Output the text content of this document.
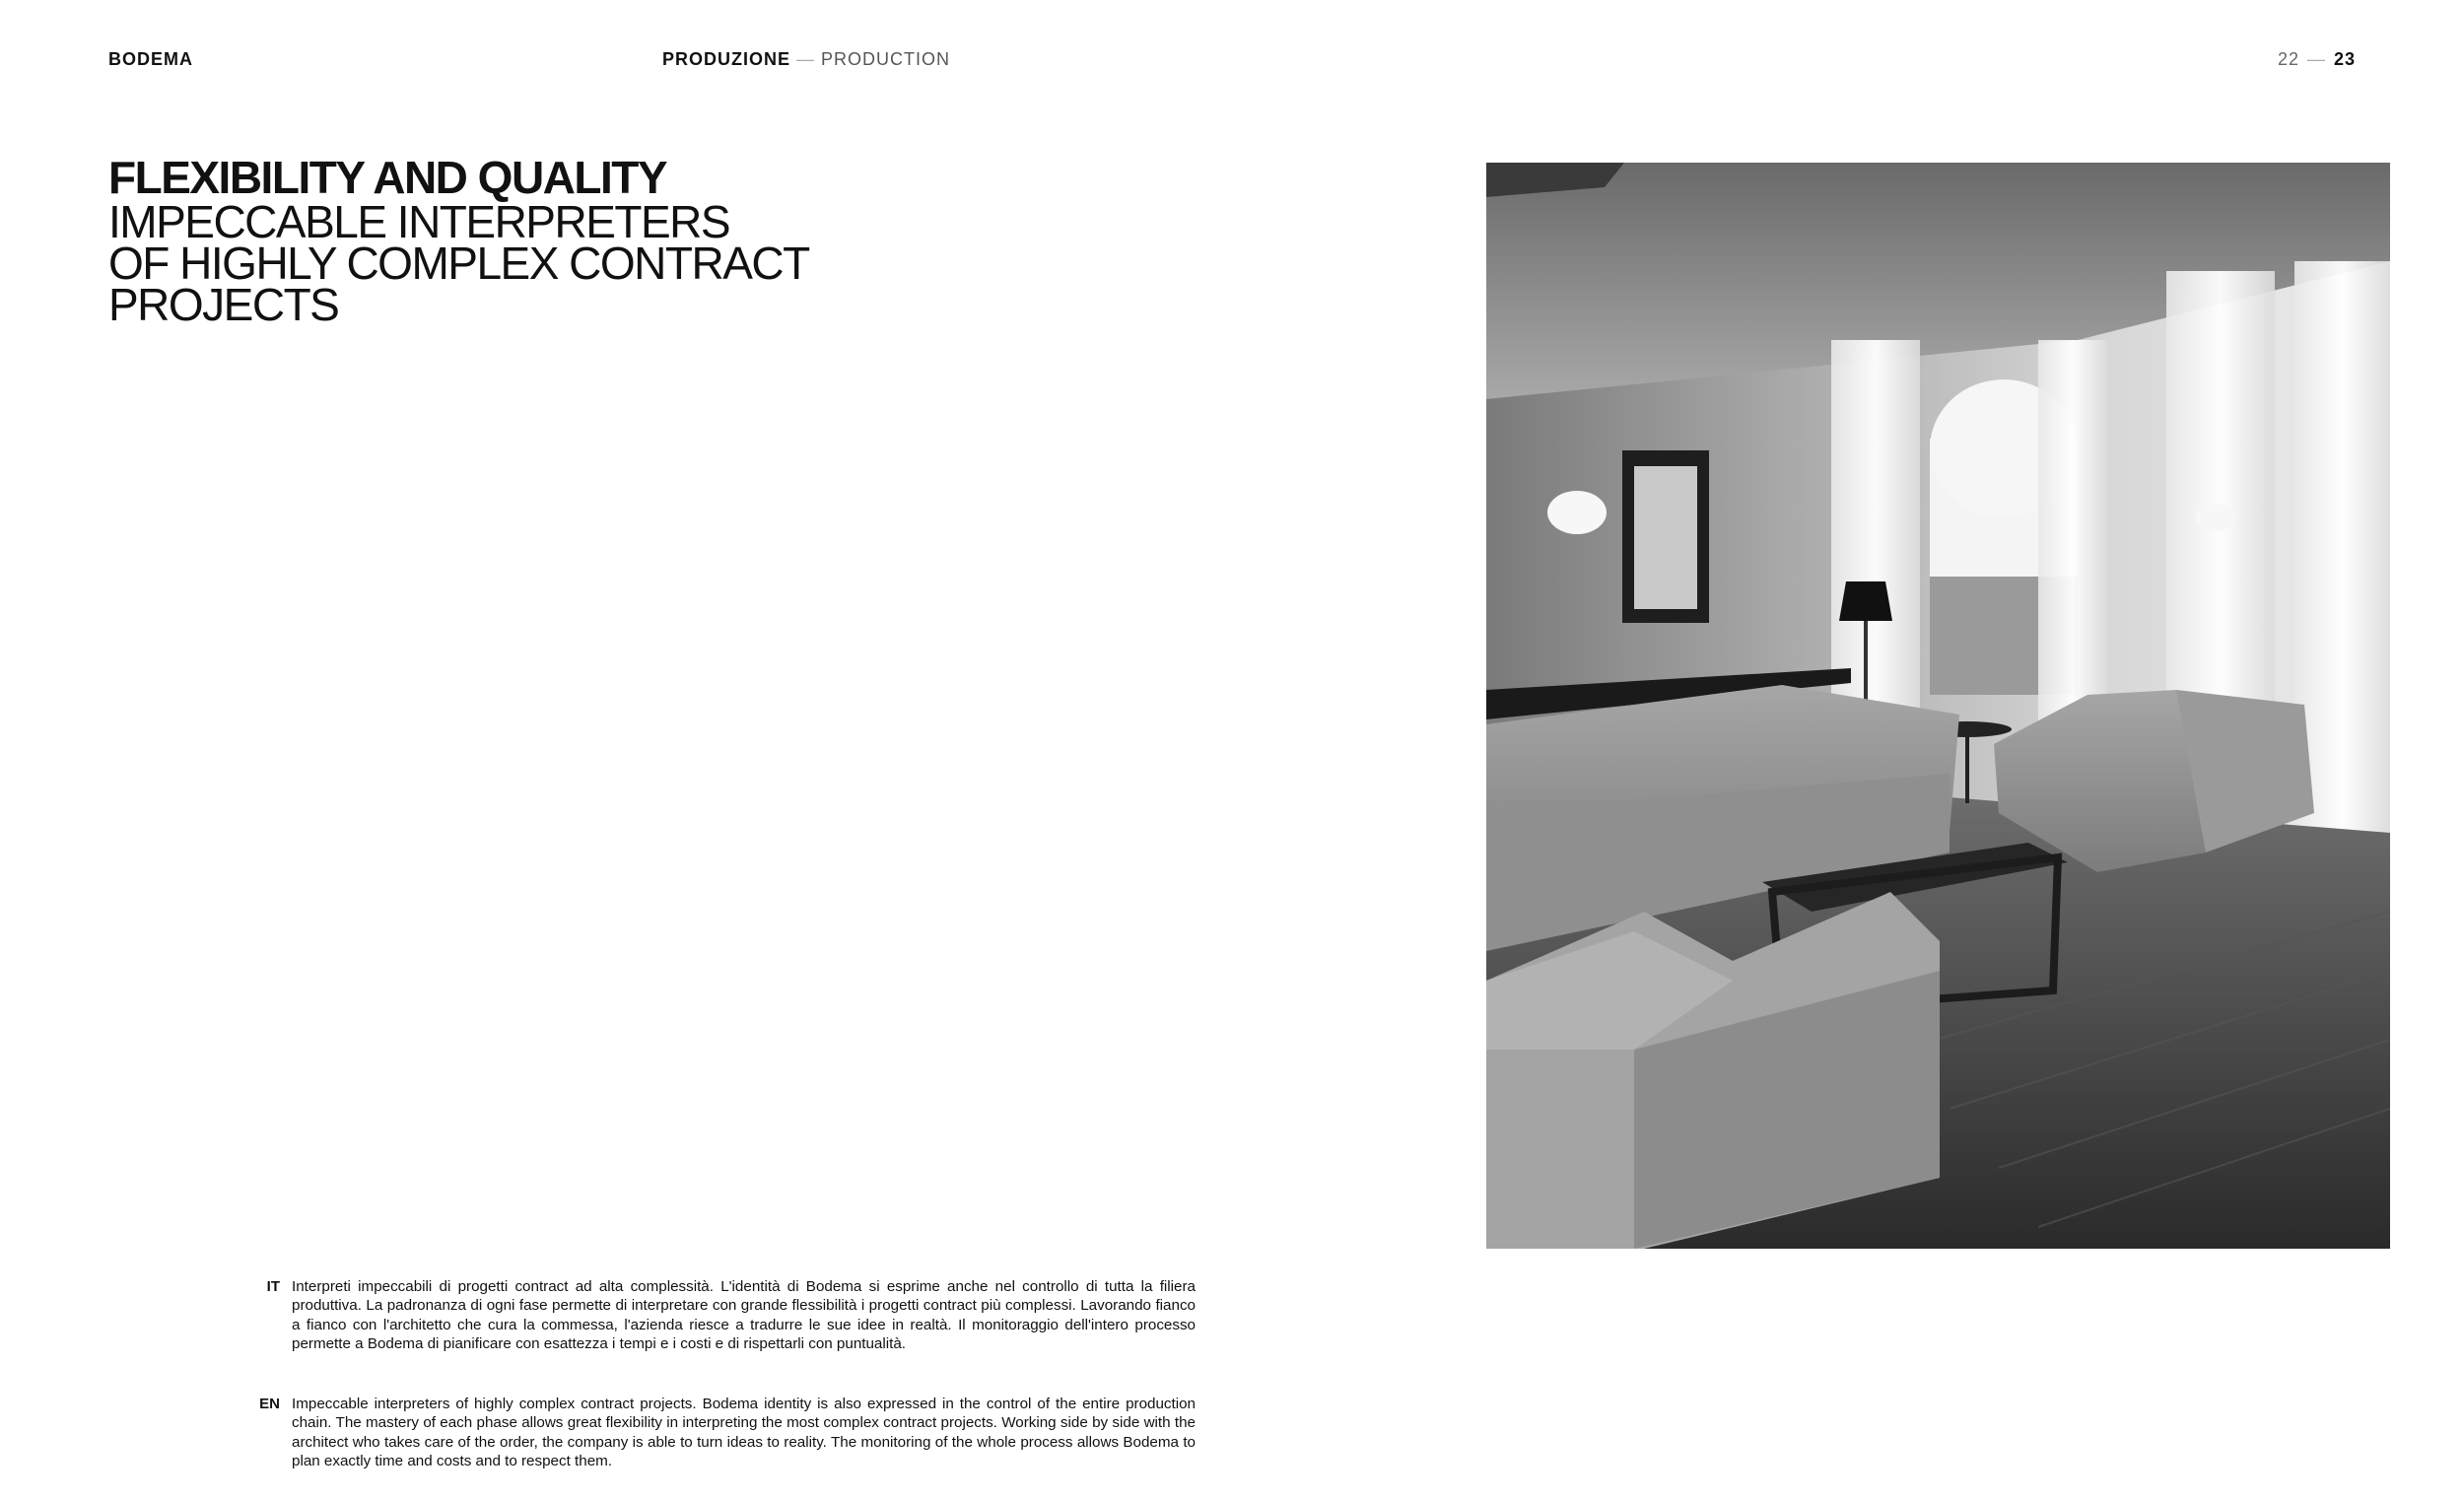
BODEMA	PRODUZIONE — PRODUCTION	22 — 23
FLEXIBILITY AND QUALITY
IMPECCABLE INTERPRETERS
OF HIGHLY COMPLEX CONTRACT
PROJECTS
IT Interpreti impeccabili di progetti contract ad alta complessità. L'identità di Bodema si esprime anche nel controllo di tutta la filiera produttiva. La padronanza di ogni fase permette di interpretare con grande flessibilità i progetti contract più complessi. Lavorando fianco a fianco con l'architetto che cura la commessa, l'azienda riesce a tradurre le sue idee in realtà. Il monitoraggio dell'intero processo permette a Bodema di pianificare con esattezza i tempi e i costi e di rispettarli con puntualità.
EN Impeccable interpreters of highly complex contract projects. Bodema identity is also expressed in the control of the entire production chain. The mastery of each phase allows great flexibility in interpreting the most complex contract projects. Working side by side with the architect who takes care of the order, the company is able to turn ideas to reality. The monitoring of the whole process allows Bodema to plan exactly time and costs and to respect them.
